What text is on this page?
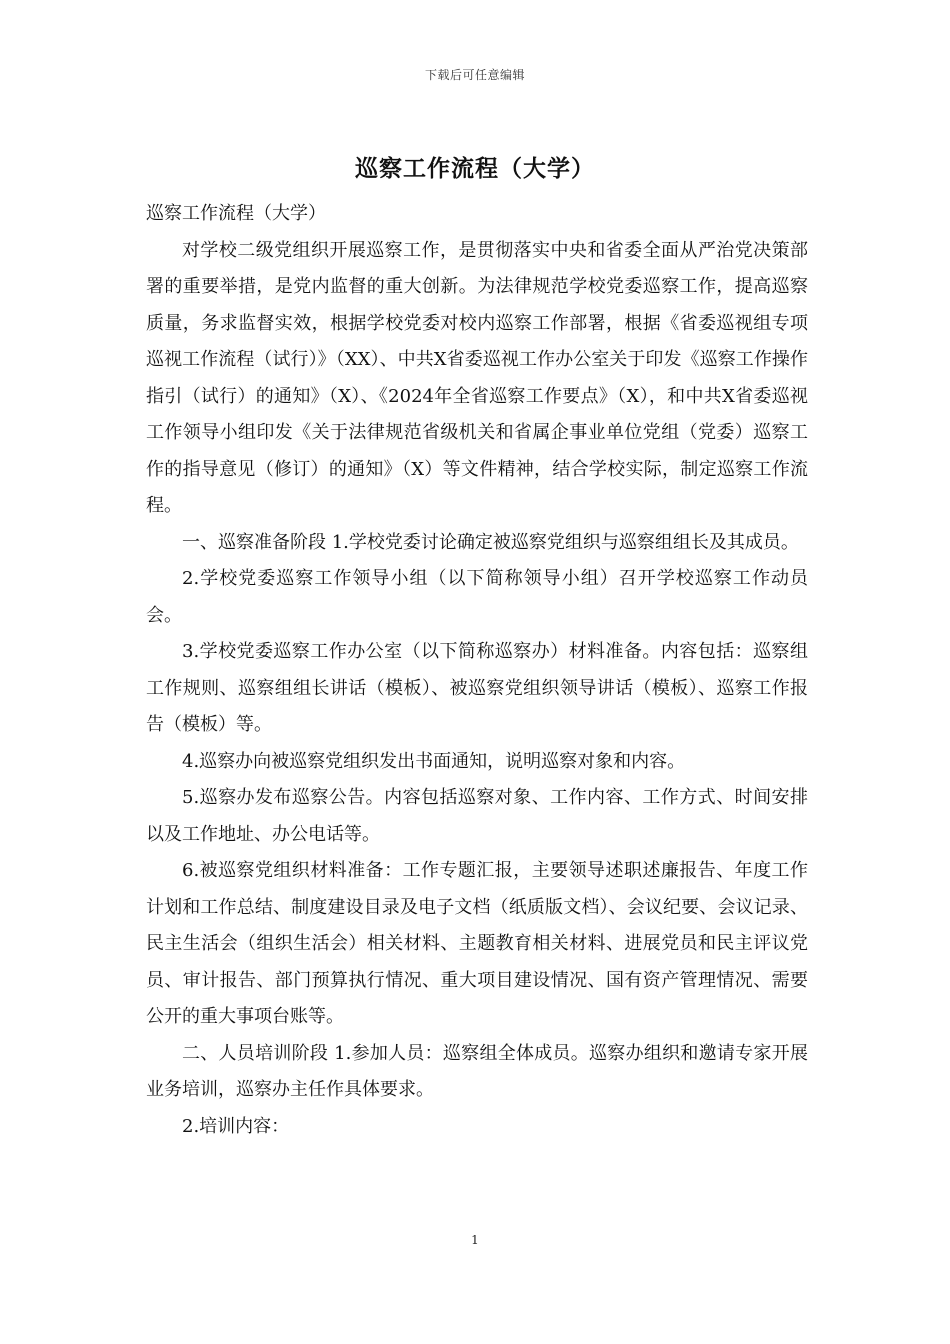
下载后可任意编辑
巡察工作流程（大学）

巡察工作流程（大学）

对学校二级党组织开展巡察工作，是贯彻落实中央和省委全面从严治党决策部署的重要举措，是党内监督的重大创新。为法律规范学校党委巡察工作，提高巡察质量，务求监督实效，根据学校党委对校内巡察工作部署，根据《省委巡视组专项巡视工作流程（试行）》（XX）、中共X省委巡视工作办公室关于印发《巡察工作操作指引（试行）的通知》（X）、《2024年全省巡察工作要点》（X），和中共X省委巡视工作领导小组印发《关于法律规范省级机关和省属企事业单位党组（党委）巡察工作的指导意见（修订）的通知》（X）等文件精神，结合学校实际，制定巡察工作流程。

一、巡察准备阶段 1.学校党委讨论确定被巡察党组织与巡察组组长及其成员。

2.学校党委巡察工作领导小组（以下简称领导小组）召开学校巡察工作动员会。

3.学校党委巡察工作办公室（以下简称巡察办）材料准备。内容包括：巡察组工作规则、巡察组组长讲话（模板）、被巡察党组织领导讲话（模板）、巡察工作报告（模板）等。

4.巡察办向被巡察党组织发出书面通知，说明巡察对象和内容。

5.巡察办发布巡察公告。内容包括巡察对象、工作内容、工作方式、时间安排以及工作地址、办公电话等。

6.被巡察党组织材料准备：工作专题汇报，主要领导述职述廉报告、年度工作计划和工作总结、制度建设目录及电子文档（纸质版文档）、会议纪要、会议记录、民主生活会（组织生活会）相关材料、主题教育相关材料、进展党员和民主评议党员、审计报告、部门预算执行情况、重大项目建设情况、国有资产管理情况、需要公开的重大事项台账等。

二、人员培训阶段 1.参加人员：巡察组全体成员。巡察办组织和邀请专家开展业务培训，巡察办主任作具体要求。

2.培训内容：

1
